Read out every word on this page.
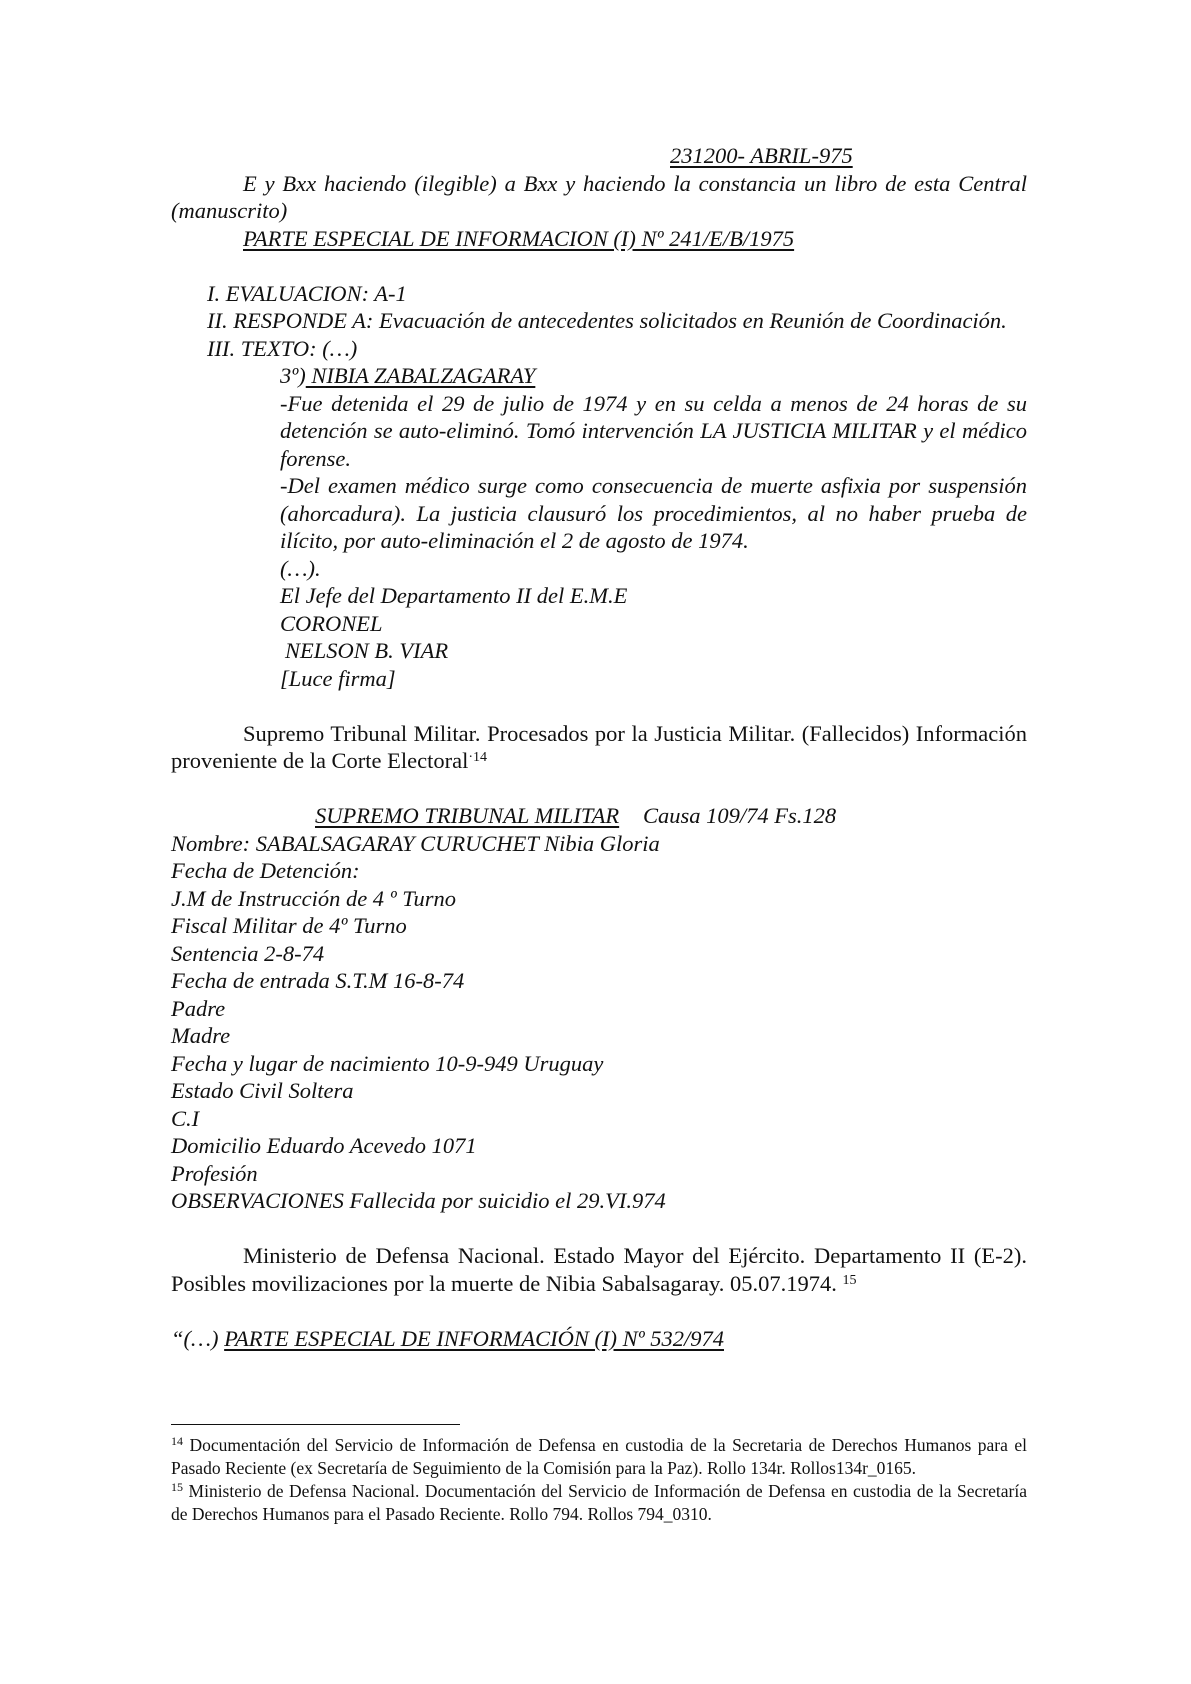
231200- ABRIL-975
E y Bxx haciendo (ilegible) a Bxx y haciendo la constancia un libro de esta Central (manuscrito)
PARTE ESPECIAL DE INFORMACION (I) Nº 241/E/B/1975
I. EVALUACION: A-1
II. RESPONDE A: Evacuación de antecedentes solicitados en Reunión de Coordinación.
III. TEXTO: (…)
3º) NIBIA ZABALZAGARAY
-Fue detenida el 29 de julio de 1974 y en su celda a menos de 24 horas de su detención se auto-eliminó. Tomó intervención LA JUSTICIA MILITAR y el médico forense.
-Del examen médico surge como consecuencia de muerte asfixia por suspensión (ahorcadura). La justicia clausuró los procedimientos, al no haber prueba de ilícito, por auto-eliminación el 2 de agosto de 1974.
(…).
El Jefe del Departamento II del E.M.E
CORONEL
NELSON B. VIAR
[Luce firma]
Supremo Tribunal Militar. Procesados por la Justicia Militar. (Fallecidos) Información proveniente de la Corte Electoral$^{\cdot 14}$
SUPREMO TRIBUNAL MILITAR Causa 109/74 Fs.128
Nombre: SABALSAGARAY CURUCHET Nibia Gloria
Fecha de Detención:
J.M de Instrucción de 4 º Turno
Fiscal Militar de 4º Turno
Sentencia 2-8-74
Fecha de entrada S.T.M 16-8-74
Padre
Madre
Fecha y lugar de nacimiento 10-9-949 Uruguay
Estado Civil Soltera
C.I
Domicilio Eduardo Acevedo 1071
Profesión
OBSERVACIONES Fallecida por suicidio el 29.VI.974
Ministerio de Defensa Nacional. Estado Mayor del Ejército. Departamento II (E-2). Posibles movilizaciones por la muerte de Nibia Sabalsagaray. 05.07.1974. $^{15}$
“(…) PARTE ESPECIAL DE INFORMACIÓN (I) Nº 532/974
$^{14}$ Documentación del Servicio de Información de Defensa en custodia de la Secretaria de Derechos Humanos para el Pasado Reciente (ex Secretaría de Seguimiento de la Comisión para la Paz). Rollo 134r. Rollos134r_0165.
$^{15}$ Ministerio de Defensa Nacional. Documentación del Servicio de Información de Defensa en custodia de la Secretaría de Derechos Humanos para el Pasado Reciente. Rollo 794. Rollos 794_0310.
